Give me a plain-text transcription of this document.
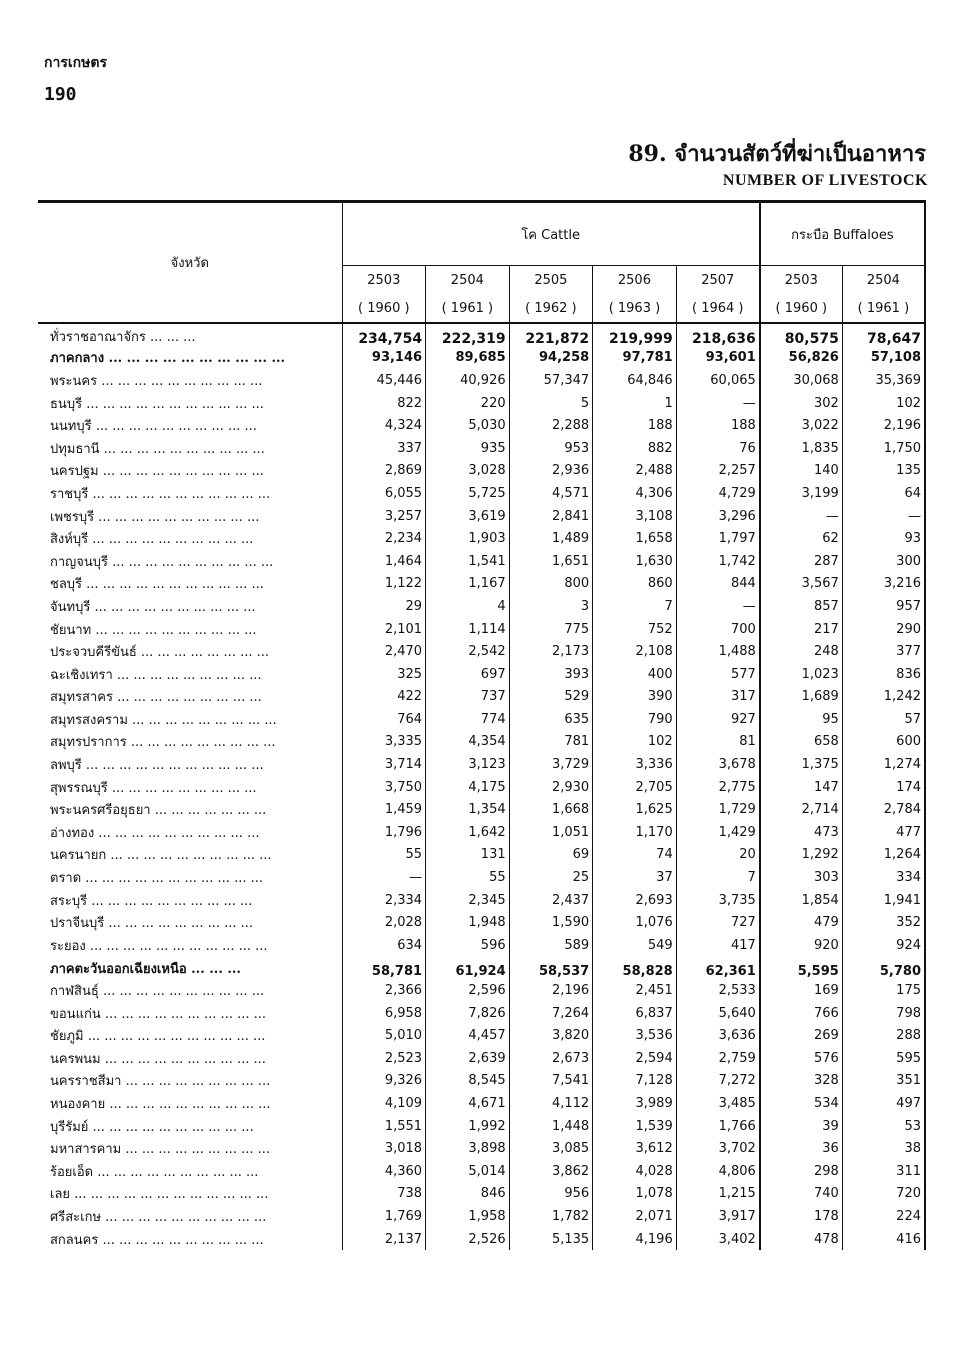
การเกษตร
190
89. จำนวนสัตว์ที่ฆ่าเป็นอาหาร
NUMBER OF LIVESTOCK
จังหวัด	โค Cattle					กระบือ Buffaloes	
	2503	2504	2505	2506	2507	2503	2504
	( 1960 )	( 1961 )	( 1962 )	( 1963 )	( 1964 )	( 1960 )	( 1961 )
ทั่วราชอาณาจักร ... ... ...	234,754	222,319	221,872	219,999	218,636	80,575	78,647
ภาคกลาง ... ... ... ... ... ... ... ... ... ...	93,146	89,685	94,258	97,781	93,601	56,826	57,108
พระนคร ... ... ... ... ... ... ... ... ... ...	45,446	40,926	57,347	64,846	60,065	30,068	35,369
ธนบุรี ... ... ... ... ... ... ... ... ... ... ...	822	220	5	1	—	302	102
นนทบุรี ... ... ... ... ... ... ... ... ... ...	4,324	5,030	2,288	188	188	3,022	2,196
ปทุมธานี ... ... ... ... ... ... ... ... ... ...	337	935	953	882	76	1,835	1,750
นครปฐม ... ... ... ... ... ... ... ... ... ...	2,869	3,028	2,936	2,488	2,257	140	135
ราชบุรี ... ... ... ... ... ... ... ... ... ... ...	6,055	5,725	4,571	4,306	4,729	3,199	64
เพชรบุรี ... ... ... ... ... ... ... ... ... ...	3,257	3,619	2,841	3,108	3,296	—	—
สิงห์บุรี ... ... ... ... ... ... ... ... ... ...	2,234	1,903	1,489	1,658	1,797	62	93
กาญจนบุรี ... ... ... ... ... ... ... ... ... ...	1,464	1,541	1,651	1,630	1,742	287	300
ชลบุรี ... ... ... ... ... ... ... ... ... ... ...	1,122	1,167	800	860	844	3,567	3,216
จันทบุรี ... ... ... ... ... ... ... ... ... ...	29	4	3	7	—	857	957
ชัยนาท ... ... ... ... ... ... ... ... ... ...	2,101	1,114	775	752	700	217	290
ประจวบคีรีขันธ์ ... ... ... ... ... ... ... ...	2,470	2,542	2,173	2,108	1,488	248	377
ฉะเชิงเทรา ... ... ... ... ... ... ... ... ...	325	697	393	400	577	1,023	836
สมุทรสาคร ... ... ... ... ... ... ... ... ...	422	737	529	390	317	1,689	1,242
สมุทรสงคราม ... ... ... ... ... ... ... ... ...	764	774	635	790	927	95	57
สมุทรปราการ ... ... ... ... ... ... ... ... ...	3,335	4,354	781	102	81	658	600
ลพบุรี ... ... ... ... ... ... ... ... ... ... ...	3,714	3,123	3,729	3,336	3,678	1,375	1,274
สุพรรณบุรี ... ... ... ... ... ... ... ... ...	3,750	4,175	2,930	2,705	2,775	147	174
พระนครศรีอยุธยา ... ... ... ... ... ... ...	1,459	1,354	1,668	1,625	1,729	2,714	2,784
อ่างทอง ... ... ... ... ... ... ... ... ... ...	1,796	1,642	1,051	1,170	1,429	473	477
นครนายก ... ... ... ... ... ... ... ... ... ...	55	131	69	74	20	1,292	1,264
ตราด ... ... ... ... ... ... ... ... ... ... ...	—	55	25	37	7	303	334
สระบุรี ... ... ... ... ... ... ... ... ... ...	2,334	2,345	2,437	2,693	3,735	1,854	1,941
ปราจีนบุรี ... ... ... ... ... ... ... ... ...	2,028	1,948	1,590	1,076	727	479	352
ระยอง ... ... ... ... ... ... ... ... ... ... ...	634	596	589	549	417	920	924
ภาคตะวันออกเฉียงเหนือ ... ... ...	58,781	61,924	58,537	58,828	62,361	5,595	5,780
กาฬสินธุ์ ... ... ... ... ... ... ... ... ... ...	2,366	2,596	2,196	2,451	2,533	169	175
ขอนแก่น ... ... ... ... ... ... ... ... ... ...	6,958	7,826	7,264	6,837	5,640	766	798
ชัยภูมิ ... ... ... ... ... ... ... ... ... ... ...	5,010	4,457	3,820	3,536	3,636	269	288
นครพนม ... ... ... ... ... ... ... ... ... ...	2,523	2,639	2,673	2,594	2,759	576	595
นครราชสีมา ... ... ... ... ... ... ... ... ...	9,326	8,545	7,541	7,128	7,272	328	351
หนองคาย ... ... ... ... ... ... ... ... ... ...	4,109	4,671	4,112	3,989	3,485	534	497
บุรีรัมย์ ... ... ... ... ... ... ... ... ... ...	1,551	1,992	1,448	1,539	1,766	39	53
มหาสารคาม ... ... ... ... ... ... ... ... ...	3,018	3,898	3,085	3,612	3,702	36	38
ร้อยเอ็ด ... ... ... ... ... ... ... ... ... ...	4,360	5,014	3,862	4,028	4,806	298	311
เลย ... ... ... ... ... ... ... ... ... ... ... ...	738	846	956	1,078	1,215	740	720
ศรีสะเกษ ... ... ... ... ... ... ... ... ... ...	1,769	1,958	1,782	2,071	3,917	178	224
สกลนคร ... ... ... ... ... ... ... ... ... ...	2,137	2,526	5,135	4,196	3,402	478	416
